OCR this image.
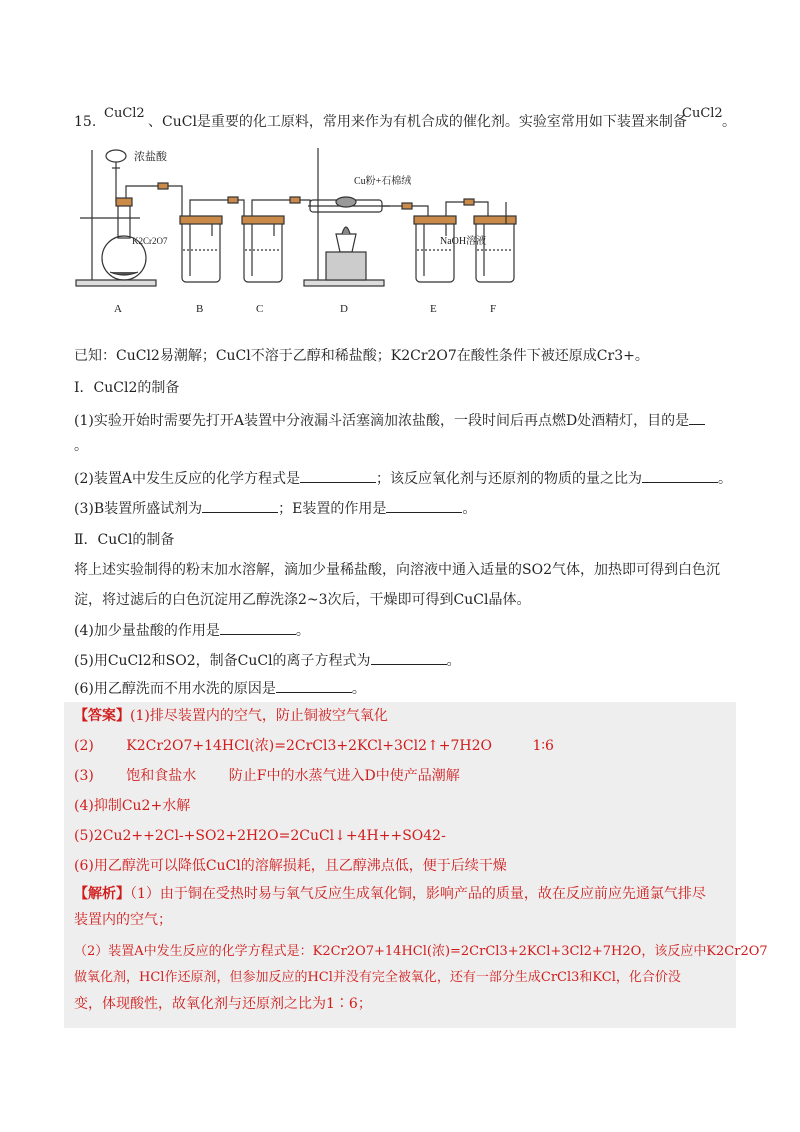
15.
CuCl2
、CuCl是重要的化工原料，常用来作为有机合成的催化剂。实验室常用如下装置来制备
CuCl2
。
浓盐酸
K2Cr2O7
Cu粉+石棉绒
NaOH溶液
A	B	C	D	E	F
已知：CuCl2易潮解；CuCl不溶于乙醇和稀盐酸；K2Cr2O7在酸性条件下被还原成Cr3+。
Ⅰ．CuCl2的制备
(1)实验开始时需要先打开A装置中分液漏斗活塞滴加浓盐酸，一段时间后再点燃D处酒精灯，目的是
。
(2)装置A中发生反应的化学方程式是	；该反应氧化剂与还原剂的物质的量之比为	。
(3)B装置所盛试剂为	；E装置的作用是	。
Ⅱ．CuCl的制备
将上述实验制得的粉末加水溶解，滴加少量稀盐酸，向溶液中通入适量的SO2气体，加热即可得到白色沉
淀，将过滤后的白色沉淀用乙醇洗涤2~3次后，干燥即可得到CuCl晶体。
(4)加少量盐酸的作用是	。
(5)用CuCl2和SO2，制备CuCl的离子方程式为	。
(6)用乙醇洗而不用水洗的原因是	。
【答案】(1)排尽装置内的空气，防止铜被空气氧化
(2) K2Cr2O7+14HCl(浓)=2CrCl3+2KCl+3Cl2↑+7H2O	1∶6
(3) 饱和食盐水 防止F中的水蒸气进入D中使产品潮解
(4)抑制Cu2+水解
(5)2Cu2++2Cl-+SO2+2H2O=2CuCl↓+4H++SO42-
(6)用乙醇洗可以降低CuCl的溶解损耗，且乙醇沸点低，便于后续干燥
【解析】（1）由于铜在受热时易与氧气反应生成氧化铜，影响产品的质量，故在反应前应先通氯气排尽
装置内的空气；
（2）装置A中发生反应的化学方程式是：K2Cr2O7+14HCl(浓)=2CrCl3+2KCl+3Cl2+7H2O，该反应中K2Cr2O7
做氧化剂，HCl作还原剂，但参加反应的HCl并没有完全被氧化，还有一部分生成CrCl3和KCl，化合价没
变，体现酸性，故氧化剂与还原剂之比为1∶6；
